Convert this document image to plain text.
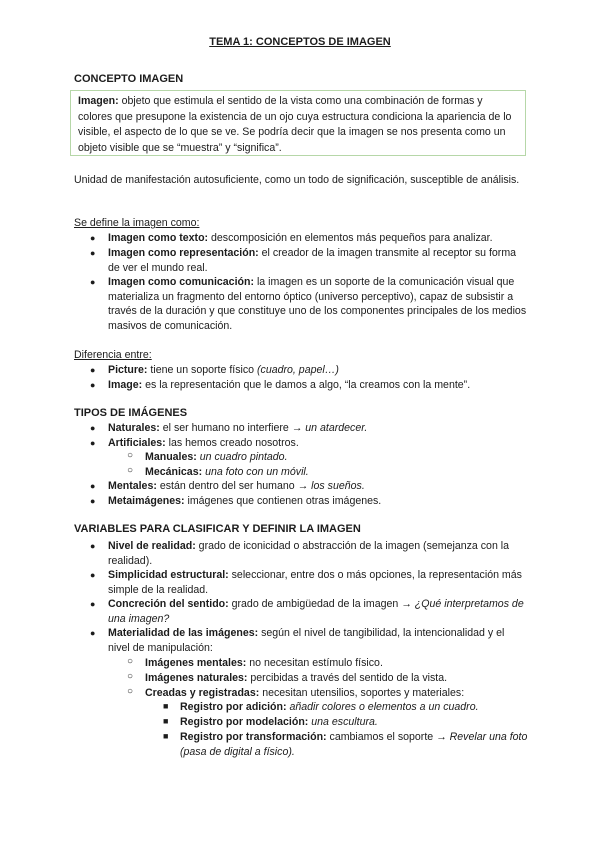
TEMA 1: CONCEPTOS DE IMAGEN
CONCEPTO IMAGEN
Imagen: objeto que estimula el sentido de la vista como una combinación de formas y colores que presupone la existencia de un ojo cuya estructura condiciona la apariencia de lo visible, el aspecto de lo que se ve. Se podría decir que la imagen se nos presenta como un objeto visible que se “muestra” y “significa”.
Unidad de manifestación autosuficiente, como un todo de significación, susceptible de análisis.
Se define la imagen como:
● Imagen como texto: descomposición en elementos más pequeños para analizar.
● Imagen como representación: el creador de la imagen transmite al receptor su forma de ver el mundo real.
● Imagen como comunicación: la imagen es un soporte de la comunicación visual que materializa un fragmento del entorno óptico (universo perceptivo), capaz de subsistir a través de la duración y que constituye uno de los componentes principales de los medios masivos de comunicación.
Diferencia entre:
● Picture: tiene un soporte físico (cuadro, papel…)
● Image: es la representación que le damos a algo, “la creamos con la mente”.
TIPOS DE IMÁGENES
● Naturales: el ser humano no interfiere → un atardecer.
● Artificiales: las hemos creado nosotros.
○ Manuales: un cuadro pintado.
○ Mecánicas: una foto con un móvil.
● Mentales: están dentro del ser humano → los sueños.
● Metaimágenes: imágenes que contienen otras imágenes.
VARIABLES PARA CLASIFICAR Y DEFINIR LA IMAGEN
● Nivel de realidad: grado de iconicidad o abstracción de la imagen (semejanza con la realidad).
● Simplicidad estructural: seleccionar, entre dos o más opciones, la representación más simple de la realidad.
● Concreción del sentido: grado de ambigüedad de la imagen → ¿Qué interpretamos de una imagen?
● Materialidad de las imágenes: según el nivel de tangibilidad, la intencionalidad y el nivel de manipulación:
○ Imágenes mentales: no necesitan estímulo físico.
○ Imágenes naturales: percibidas a través del sentido de la vista.
○ Creadas y registradas: necesitan utensilios, soportes y materiales:
■ Registro por adición: añadir colores o elementos a un cuadro.
■ Registro por modelación: una escultura.
■ Registro por transformación: cambiamos el soporte → Revelar una foto (pasa de digital a físico).
